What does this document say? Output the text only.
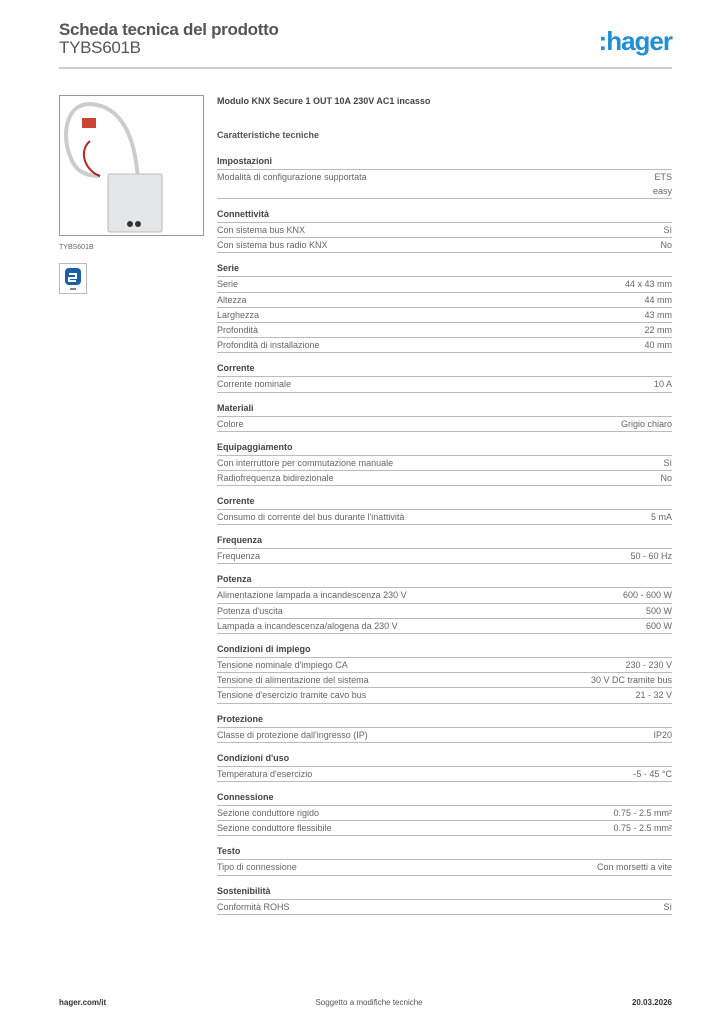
Scheda tecnica del prodotto
TYBS601B	:hager
TYBS601B
Modulo KNX Secure 1 OUT 10A 230V AC1 incasso
Caratteristiche tecniche
Impostazioni
Modalità di configurazione supportata	ETS
easy
Connettività
Con sistema bus KNX	Sì
Con sistema bus radio KNX	No
Serie
Serie	44 x 43 mm
Altezza	44 mm
Larghezza	43 mm
Profondità	22 mm
Profondità di installazione	40 mm
Corrente
Corrente nominale	10 A
Materiali
Colore	Grigio chiaro
Equipaggiamento
Con interruttore per commutazione manuale	Sì
Radiofrequenza bidirezionale	No
Corrente
Consumo di corrente del bus durante l'inattività	5 mA
Frequenza
Frequenza	50 - 60 Hz
Potenza
Alimentazione lampada a incandescenza 230 V	600 - 600 W
Potenza d'uscita	500 W
Lampada a incandescenza/alogena da 230 V	600 W
Condizioni di impiego
Tensione nominale d'impiego CA	230 - 230 V
Tensione di alimentazione del sistema	30 V DC tramite bus
Tensione d'esercizio tramite cavo bus	21 - 32 V
Protezione
Classe di protezione dall'ingresso (IP)	IP20
Condizioni d'uso
Temperatura d'esercizio	-5 - 45 °C
Connessione
Sezione conduttore rigido	0.75 - 2.5 mm²
Sezione conduttore flessibile	0.75 - 2.5 mm²
Testo
Tipo di connessione	Con morsetti a vite
Sostenibilità
Conformità ROHS	Sì
hager.com/it	Soggetto a modifiche tecniche	20.03.2026
